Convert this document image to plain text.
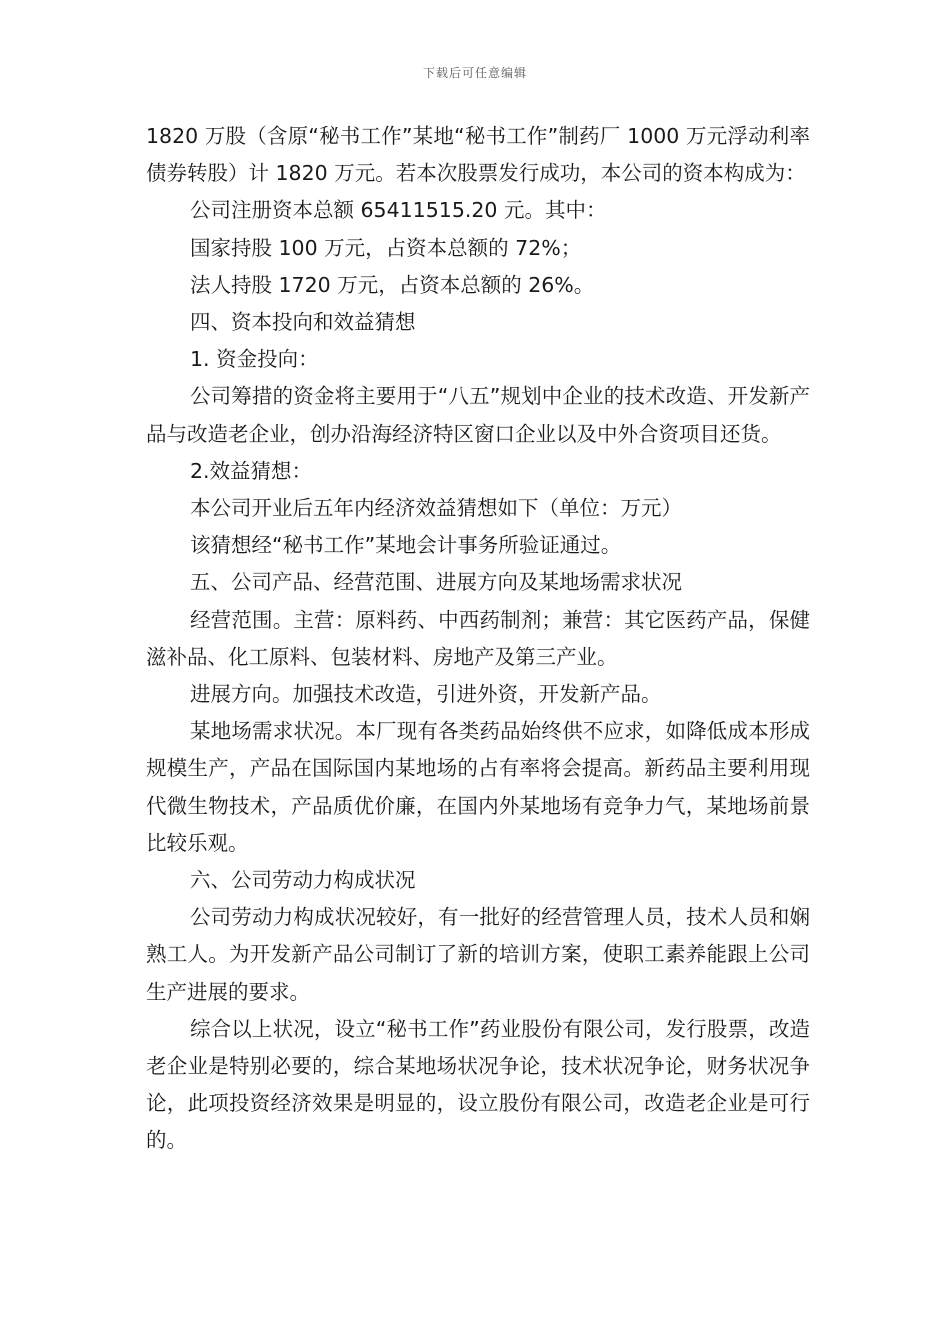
下载后可任意编辑

1820 万股（含原“秘书工作”某地“秘书工作”制药厂 1000 万元浮动利率债券转股）计 1820 万元。若本次股票发行成功，本公司的资本构成为：

公司注册资本总额 65411515.20 元。其中：

国家持股 100 万元，占资本总额的 72%；

法人持股 1720 万元，占资本总额的 26%。

四、资本投向和效益猜想

1. 资金投向：

公司筹措的资金将主要用于“八五”规划中企业的技术改造、开发新产品与改造老企业，创办沿海经济特区窗口企业以及中外合资项目还货。

2.效益猜想：

本公司开业后五年内经济效益猜想如下（单位：万元）

该猜想经“秘书工作”某地会计事务所验证通过。

五、公司产品、经营范围、进展方向及某地场需求状况

经营范围。主营：原料药、中西药制剂；兼营：其它医药产品，保健滋补品、化工原料、包装材料、房地产及第三产业。

进展方向。加强技术改造，引进外资，开发新产品。

某地场需求状况。本厂现有各类药品始终供不应求，如降低成本形成规模生产，产品在国际国内某地场的占有率将会提高。新药品主要利用现代微生物技术，产品质优价廉，在国内外某地场有竞争力气，某地场前景比较乐观。

六、公司劳动力构成状况

公司劳动力构成状况较好，有一批好的经营管理人员，技术人员和娴熟工人。为开发新产品公司制订了新的培训方案，使职工素养能跟上公司生产进展的要求。

综合以上状况，设立“秘书工作”药业股份有限公司，发行股票，改造老企业是特别必要的，综合某地场状况争论，技术状况争论，财务状况争论，此项投资经济效果是明显的，设立股份有限公司，改造老企业是可行的。
